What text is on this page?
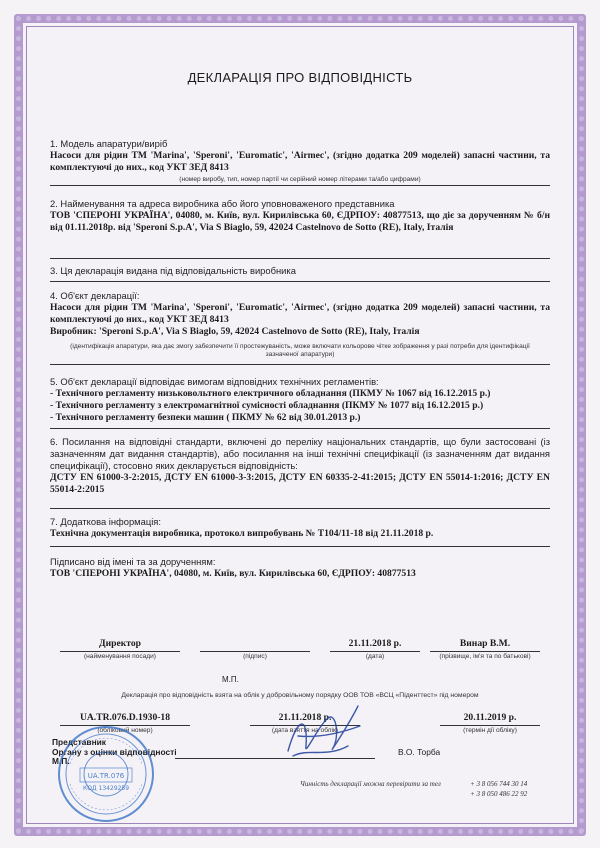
ДЕКЛАРАЦІЯ ПРО ВІДПОВІДНІСТЬ
1. Модель апаратури/виріб
Насоси для рідин ТМ 'Marina', 'Speroni', 'Euromatic', 'Airmec', (згідно додатка 209 моделей) запасні частини, та комплектуючі до них., код УКТ ЗЕД 8413
(номер виробу, тип, номер партії чи серійний номер літерами та/або цифрами)
2. Найменування та адреса виробника або його уповноваженого представника
ТОВ 'СПЕРОНІ УКРАЇНА', 04080, м. Київ, вул. Кирилівська 60, ЄДРПОУ: 40877513, що діє за дорученням № б/н від 01.11.2018р. від 'Speroni S.p.A', Via S Biaglo, 59, 42024 Castelnovo de Sotto (RE), Italy, Італія
3. Ця декларація видана під відповідальність виробника
4. Об'єкт декларації:
Насоси для рідин ТМ 'Marina', 'Speroni', 'Euromatic', 'Airmec', (згідно додатка 209 моделей) запасні частини, та комплектуючі до них., код УКТ ЗЕД 8413
Виробник: 'Speroni S.p.A', Via S Biaglo, 59, 42024 Castelnovo de Sotto (RE), Italy, Італія
(ідентифікація апаратури, яка дає змогу забезпечити її простежуваність, може включати кольорове чітке зображення у разі потреби для ідентифікації зазначеної апаратури)
5. Об'єкт декларації відповідає вимогам відповідних технічних регламентів:
- Технічного регламенту низьковольтного електричного обладнання (ПКМУ № 1067 від 16.12.2015 р.)
- Технічного регламенту з електромагнітної сумісності обладнання (ПКМУ № 1077 від 16.12.2015 р.)
- Технічного регламенту безпеки машин ( ПКМУ № 62 від 30.01.2013 р.)
6. Посилання на відповідні стандарти, включені до переліку національних стандартів, що були застосовані (із зазначенням дат видання стандартів), або посилання на інші технічні специфікації (із зазначенням дат видання специфікації), стосовно яких декларується відповідність:
ДСТУ EN 61000-3-2:2015, ДСТУ EN 61000-3-3:2015, ДСТУ EN 60335-2-41:2015; ДСТУ EN 55014-1:2016; ДСТУ EN 55014-2:2015
7. Додаткова інформація:
Технічна документація виробника, протокол випробувань № Т104/11-18 від 21.11.2018 р.
Підписано від імені та за дорученням:
ТОВ 'СПЕРОНІ УКРАЇНА', 04080, м. Київ, вул. Кирилівська 60, ЄДРПОУ: 40877513
Директор
(найменування посади)	(підпис)
21.11.2018 р.
(дата)
Винар В.М.
(прізвище, ім'я та по батькові)
М.П.
Декларація про відповідність взята на облік у добровільному порядку ООВ ТОВ «ВСЦ «Піденттест» під номером
UA.TR.076.D.1930-18
(обліковий номер)
21.11.2018 р.
(дата взяття на облік)
20.11.2019 р.
(термін дії обліку)
Представник
Органу з оцінки відповідності
М.П.
В.О. Торба
Чинність декларації можна перевірити за тел	+ 3 8 056 744 30 14
+ 3 8 050 486 22 92
UA.TR.076
КОД 13429259
